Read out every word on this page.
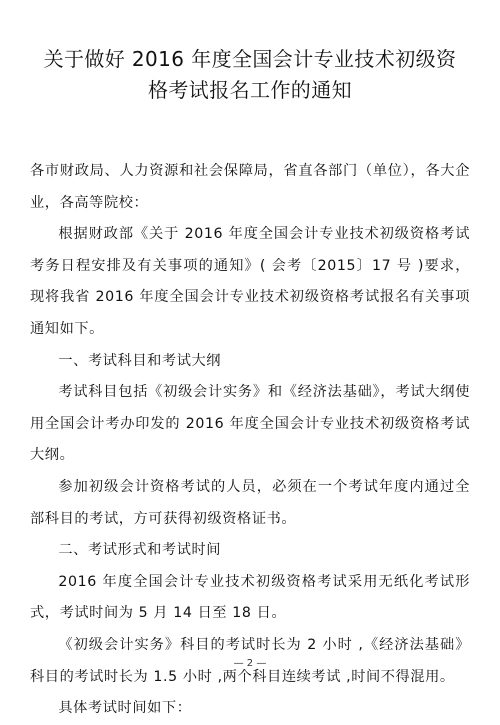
关于做好 2016 年度全国会计专业技术初级资
格考试报名工作的通知

各市财政局、人力资源和社会保障局，省直各部门（单位），各大企业，各高等院校：

根据财政部《关于 2016 年度全国会计专业技术初级资格考试考务日程安排及有关事项的通知》( 会考〔2015〕17 号 )要求，现将我省 2016 年度全国会计专业技术初级资格考试报名有关事项通知如下。

一、考试科目和考试大纲

考试科目包括《初级会计实务》和《经济法基础》，考试大纲使用全国会计考办印发的 2016 年度全国会计专业技术初级资格考试大纲。

参加初级会计资格考试的人员，必须在一个考试年度内通过全部科目的考试，方可获得初级资格证书。

二、考试形式和考试时间

2016 年度全国会计专业技术初级资格考试采用无纸化考试形式，考试时间为 5 月 14 日至 18 日。

《初级会计实务》科目的考试时长为 2 小时 ,《经济法基础》科目的考试时长为 1.5 小时 ,两个科目连续考试 ,时间不得混用。

具体考试时间如下：

— 2 —
